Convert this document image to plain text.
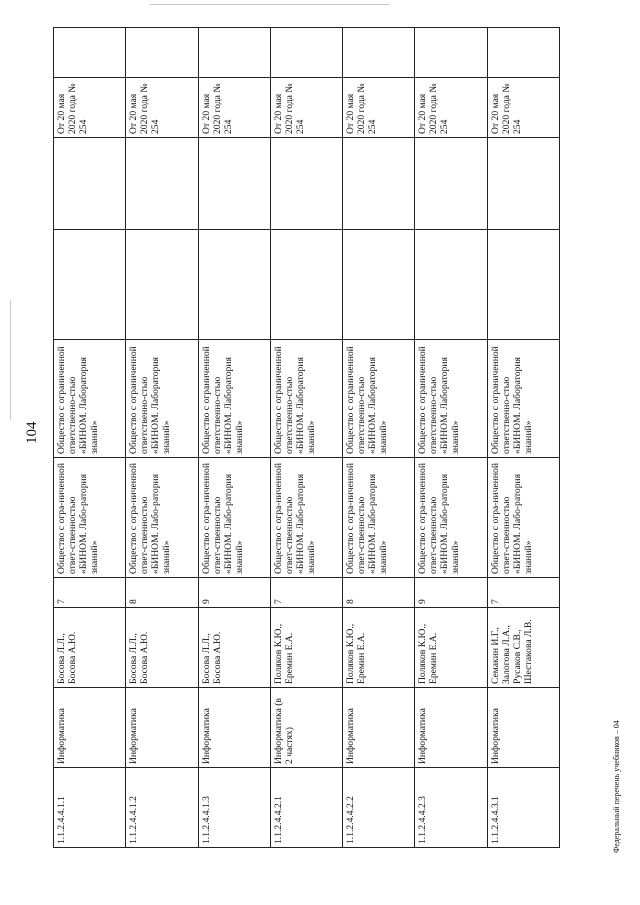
104
1.1.2.4.4.1.1	Информатика	Босова Л.Л., Босова А.Ю.	7	Общество с огра-ниченной ответ-ственностью «БИНОМ. Лабо-ратория знаний»	Общество с ограниченной ответственно-стью «БИНОМ. Лаборатория знаний»			От 20 мая 2020 года № 254	
1.1.2.4.4.1.2	Информатика	Босова Л.Л., Босова А.Ю.	8	Общество с огра-ниченной ответ-ственностью «БИНОМ. Лабо-ратория знаний»	Общество с ограниченной ответственно-стью «БИНОМ. Лаборатория знаний»			От 20 мая 2020 года № 254	
1.1.2.4.4.1.3	Информатика	Босова Л.Л., Босова А.Ю.	9	Общество с огра-ниченной ответ-ственностью «БИНОМ. Лабо-ратория знаний»	Общество с ограниченной ответственно-стью «БИНОМ. Лаборатория знаний»			От 20 мая 2020 года № 254	
1.1.2.4.4.2.1	Информатика (в 2 частях)	Поляков К.Ю., Еремин Е.А.	7	Общество с огра-ниченной ответ-ственностью «БИНОМ. Лабо-ратория знаний»	Общество с ограниченной ответственно-стью «БИНОМ. Лаборатория знаний»			От 20 мая 2020 года № 254	
1.1.2.4.4.2.2	Информатика	Поляков К.Ю., Еремин Е.А.	8	Общество с огра-ниченной ответ-ственностью «БИНОМ. Лабо-ратория знаний»	Общество с ограниченной ответственно-стью «БИНОМ. Лаборатория знаний»			От 20 мая 2020 года № 254	
1.1.2.4.4.2.3	Информатика	Поляков К.Ю., Еремин Е.А.	9	Общество с огра-ниченной ответ-ственностью «БИНОМ. Лабо-ратория знаний»	Общество с ограниченной ответственно-стью «БИНОМ. Лаборатория знаний»			От 20 мая 2020 года № 254	
1.1.2.4.4.3.1	Информатика	Семакин И.Г., Залогова Л.А., Русаков С.В., Шестакова Л.В.	7	Общество с огра-ниченной ответ-ственностью «БИНОМ. Лабо-ратория знаний»	Общество с ограниченной ответственно-стью «БИНОМ. Лаборатория знаний»			От 20 мая 2020 года № 254	
Федеральный перечень учебников – 04
